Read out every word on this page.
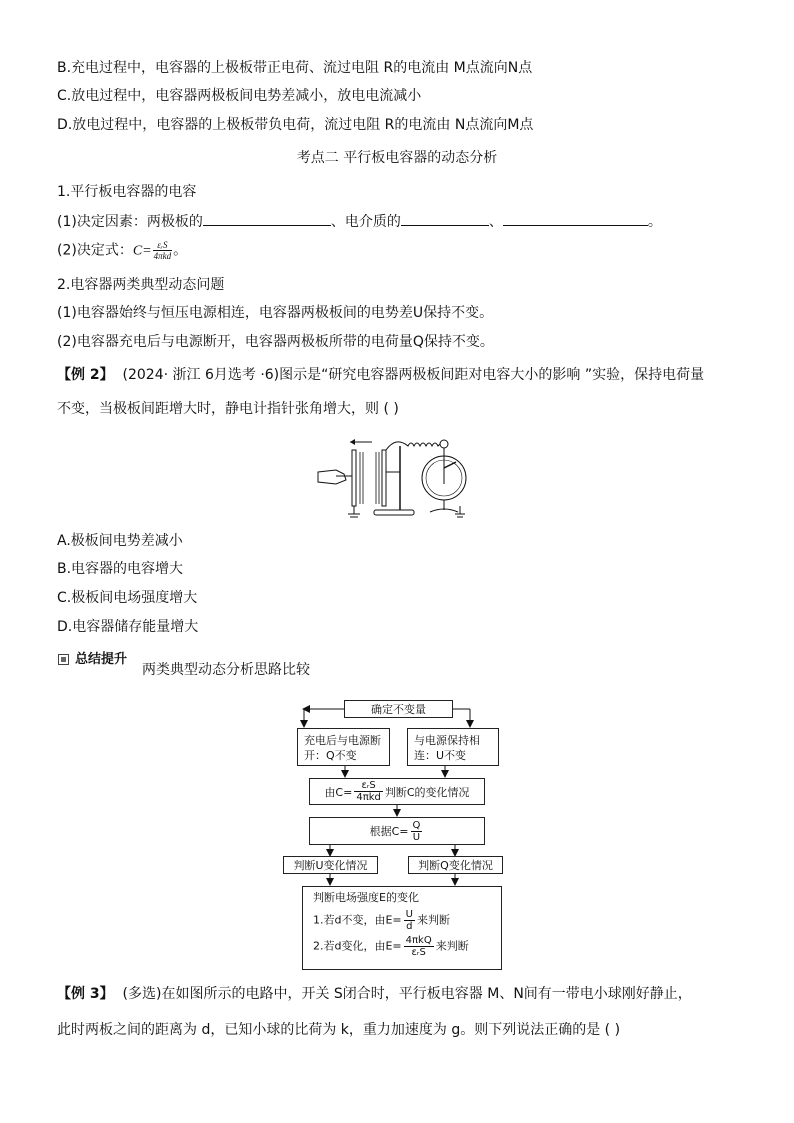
B.充电过程中，电容器的上极板带正电荷、流过电阻 R的电流由 M点流向N点
C.放电过程中，电容器两极板间电势差减小，放电电流减小
D.放电过程中，电容器的上极板带负电荷，流过电阻 R的电流由 N点流向M点
考点二 平行板电容器的动态分析
1.平行板电容器的电容
(1)决定因素：两极板的	、电介质的	、	。
(2)决定式：$C= \frac{\text{εᵣS}}{\text{4πkd}}$ 。
2.电容器两类典型动态问题
(1)电容器始终与恒压电源相连，电容器两极板间的电势差U保持不变。
(2)电容器充电后与电源断开，电容器两极板所带的电荷量Q保持不变。
【例 2】 (2024· 浙江 6月选考 ·6)图示是“研究电容器两极板间距对电容大小的影响 ”实验，保持电荷量
不变，当极板间距增大时，静电计指针张角增大，则 ( )
A.极板间电势差减小
B.电容器的电容增大
C.极板间电场强度增大
D.电容器储存能量增大
总结提升
两类典型动态分析思路比较
确定不变量
充电后与电源断开：Q不变
与电源保持相连：U不变
由C= εᵣS
4πkd 判断C的变化情况
根据$C= \frac{Q}{U}$
判断U变化情况	判断Q变化情况
判断电场强度E的变化
1.若d不变，由$E= \frac{U}{d}$ 来判断
2.若d变化，由E= 4πkQ
εᵣS 来判断
【例 3】 (多选)在如图所示的电路中，开关 S闭合时，平行板电容器 M、N间有一带电小球刚好静止，
此时两板之间的距离为 d，已知小球的比荷为 k，重力加速度为 g。则下列说法正确的是 ( )
